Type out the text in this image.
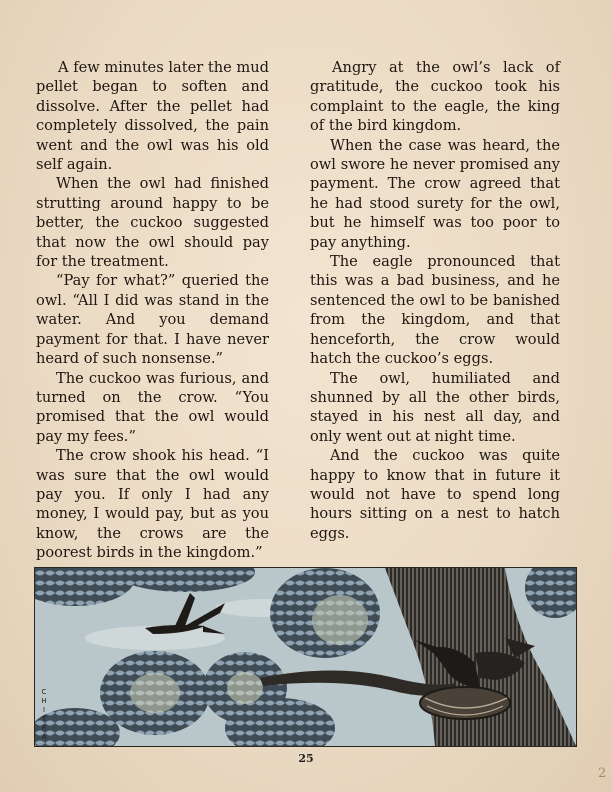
A few minutes later the mud pellet began to soften and dissolve. After the pellet had completely dissolved, the pain went and the owl was his old self again.

When the owl had finished strutting around happy to be better, the cuckoo suggested that now the owl should pay for the treatment.

“Pay for what?” queried the owl. “All I did was stand in the water. And you demand payment for that. I have never heard of such nonsense.”

The cuckoo was furious, and turned on the crow. “You promised that the owl would pay my fees.”

The crow shook his head. “I was sure that the owl would pay you. If only I had any money, I would pay, but as you know, the crows are the poorest birds in the kingdom.”

Angry at the owl’s lack of gratitude, the cuckoo took his complaint to the eagle, the king of the bird kingdom.

When the case was heard, the owl swore he never promised any payment. The crow agreed that he had stood surety for the owl, but he himself was too poor to pay anything.

The eagle pronounced that this was a bad business, and he sentenced the owl to be banished from the kingdom, and that henceforth, the crow would hatch the cuckoo’s eggs.

The owl, humiliated and shunned by all the other birds, stayed in his nest all day, and only went out at night time.

And the cuckoo was quite happy to know that in future it would not have to spend long hours sitting on a nest to hatch eggs.

C
H
I
T
R
A
25
2
